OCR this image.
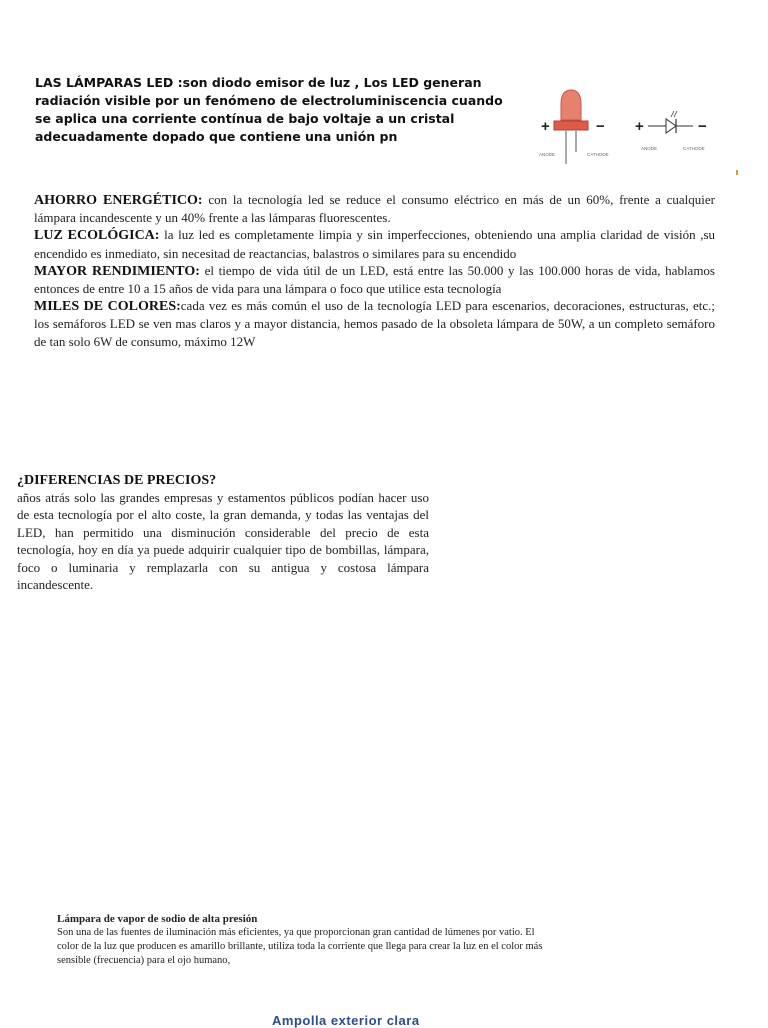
LAS LÁMPARAS LED :son diodo emisor de luz , Los LED generan radiación visible por un fenómeno de electroluminiscencia cuando se aplica una corriente contínua de bajo voltaje a un cristal adecuadamente dopado que contiene una unión pn
+	−
ANODE	CATHODE
+	−
ANODE	CATHODE

AHORRO ENERGÉTICO: con la tecnología led se reduce el consumo eléctrico en más de un 60%, frente a cualquier lámpara incandescente y un 40% frente a las lámparas fluorescentes.

LUZ ECOLÓGICA: la luz led es completamente limpia y sin imperfecciones, obteniendo una amplia claridad de visión ,su encendido es inmediato, sin necesitad de reactancias, balastros o similares para su encendido

MAYOR RENDIMIENTO: el tiempo de vida útil de un LED, está entre las 50.000 y las 100.000 horas de vida, hablamos entonces de entre 10 a 15 años de vida para una lámpara o foco que utilice esta tecnología

MILES DE COLORES:cada vez es más común el uso de la tecnología LED para escenarios, decoraciones, estructuras, etc.; los semáforos LED se ven mas claros y a mayor distancia, hemos pasado de la obsoleta lámpara de 50W, a un completo semáforo de tan solo 6W de consumo, máximo 12W

¿DIFERENCIAS DE PRECIOS?

años atrás solo las grandes empresas y estamentos públicos podían hacer uso de esta tecnología por el alto coste, la gran demanda, y todas las ventajas del LED, han permitido una disminución considerable del precio de esta tecnología, hoy en día ya puede adquirir cualquier tipo de bombillas, lámpara, foco o luminaria y remplazarla con su antigua y costosa lámpara incandescente.

Lámpara de vapor de sodio de alta presión

Son una de las fuentes de iluminación más eficientes, ya que proporcionan gran cantidad de lúmenes por vatio. El color de la luz que producen es amarillo brillante, utiliza toda la corriente que llega para crear la luz en el color más sensible (frecuencia) para el ojo humano,

Ampolla exterior clara
